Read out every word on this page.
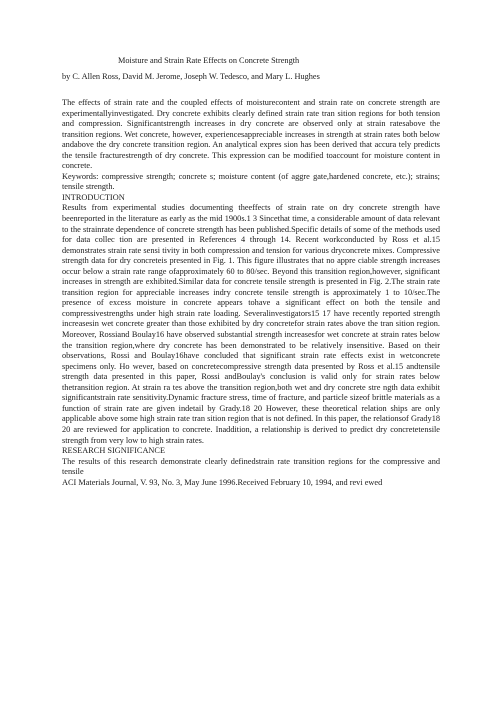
Moisture and Strain Rate Effects on Concrete Strength
by C. Allen Ross, David M. Jerome, Joseph W. Tedesco, and Mary L. Hughes

The effects of strain rate and the coupled effects of moisturecontent and strain rate on concrete strength are experimentallyinvestigated. Dry concrete exhibits clearly defined strain rate tran sition regions for both tension and compression. Significantstrength increases in dry concrete are observed only at strain ratesabove the transition regions. Wet concrete, however, experiencesappreciable increases in strength at strain rates both below andabove the dry concrete transition region. An analytical expres sion has been derived that accura tely predicts the tensile fracturestrength of dry concrete. This expression can be modified toaccount for moisture content in concrete.

Keywords: compressive strength; concrete s; moisture content (of aggre gate,hardened concrete, etc.); strains; tensile strength.

INTRODUCTION

Results from experimental studies documenting theeffects of strain rate on dry concrete strength have beenreported in the literature as early as the mid 1900s.1 3 Sincethat time, a considerable amount of data relevant to the strainrate dependence of concrete strength has been published.Specific details of some of the methods used for data collec tion are presented in References 4 through 14. Recent workconducted by Ross et al.15 demonstrates strain rate sensi tivity in both compression and tension for various dryconcrete mixes. Compressive strength data for dry concreteis presented in Fig. 1. This figure illustrates that no appre ciable strength increases occur below a strain rate range ofapproximately 60 to 80/sec. Beyond this transition region,however, significant increases in strength are exhibited.Similar data for concrete tensile strength is presented in Fig. 2.The strain rate transition region for appreciable increases indry concrete tensile strength is approximately 1 to 10/sec.The presence of excess moisture in concrete appears tohave a significant effect on both the tensile and compressivestrengths under high strain rate loading. Severalinvestigators15 17 have recently reported strength increasesin wet concrete greater than those exhibited by dry concretefor strain rates above the tran sition region. Moreover, Rossiand Boulay16 have observed substantial strength increasesfor wet concrete at strain rates below the transition region,where dry concrete has been demonstrated to be relatively insensitive. Based on their observations, Rossi and Boulay16have concluded that significant strain rate effects exist in wetconcrete specimens only. Ho wever, based on concretecompressive strength data presented by Ross et al.15 andtensile strength data presented in this paper, Rossi andBoulay's conclusion is valid only for strain rates below thetransition region. At strain ra tes above the transition region,both wet and dry concrete stre ngth data exhibit significantstrain rate sensitivity.Dynamic fracture stress, time of fracture, and particle sizeof brittle materials as a function of strain rate are given indetail by Grady.18 20 However, these theoretical relation ships are only applicable above some high strain rate tran sition region that is not defined. In this paper, the relationsof Grady18 20 are reviewed for application to concrete. Inaddition, a relationship is derived to predict dry concretetensile strength from very low to high strain rates.

RESEARCH SIGNIFICANCE

The results of this research demonstrate clearly definedstrain rate transition regions for the compressive and tensile

ACI Materials Journal, V. 93, No. 3, May June 1996.Received February 10, 1994, and revi ewed
